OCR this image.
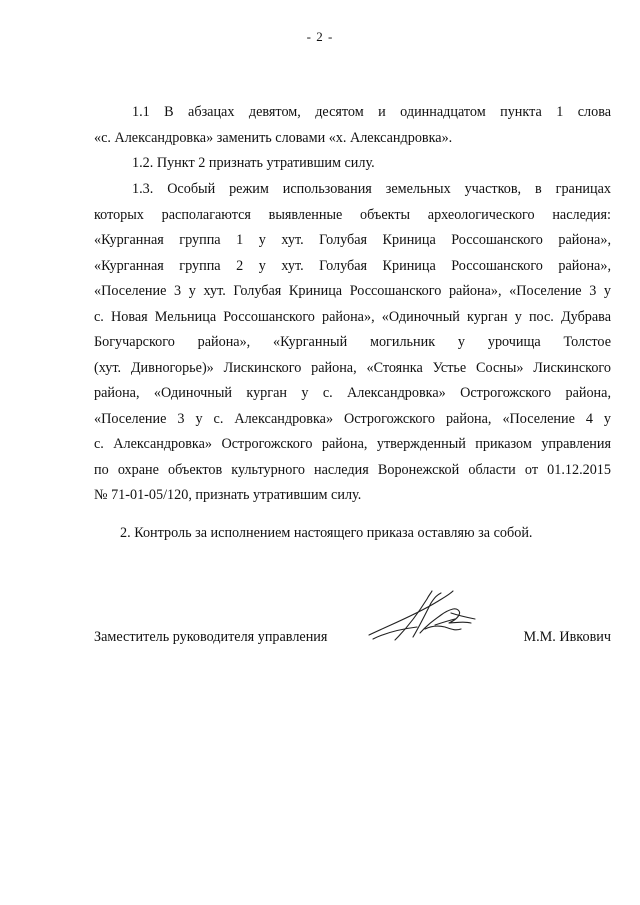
- 2 -
1.1 В абзацах девятом, десятом и одиннадцатом пункта 1 слова
«с. Александровка» заменить словами «х. Александровка».
1.2. Пункт 2 признать утратившим силу.
1.3. Особый режим использования земельных участков, в границах
которых располагаются выявленные объекты археологического наследия:
«Курганная группа 1 у хут. Голубая Криница Россошанского района»,
«Курганная группа 2 у хут. Голубая Криница Россошанского района»,
«Поселение 3 у хут. Голубая Криница Россошанского района», «Поселение 3 у
с. Новая Мельница Россошанского района», «Одиночный курган у пос. Дубрава
Богучарского района», «Курганный могильник у урочища Толстое
(хут. Дивногорье)» Лискинского района, «Стоянка Устье Сосны» Лискинского
района, «Одиночный курган у с. Александровка» Острогожского района,
«Поселение 3 у с. Александровка» Острогожского района, «Поселение 4 у
с. Александровка» Острогожского района, утвержденный приказом управления
по охране объектов культурного наследия Воронежской области от 01.12.2015
№ 71-01-05/120, признать утратившим силу.
2. Контроль за исполнением настоящего приказа оставляю за собой.
Заместитель руководителя управления	М.М. Ивкович
